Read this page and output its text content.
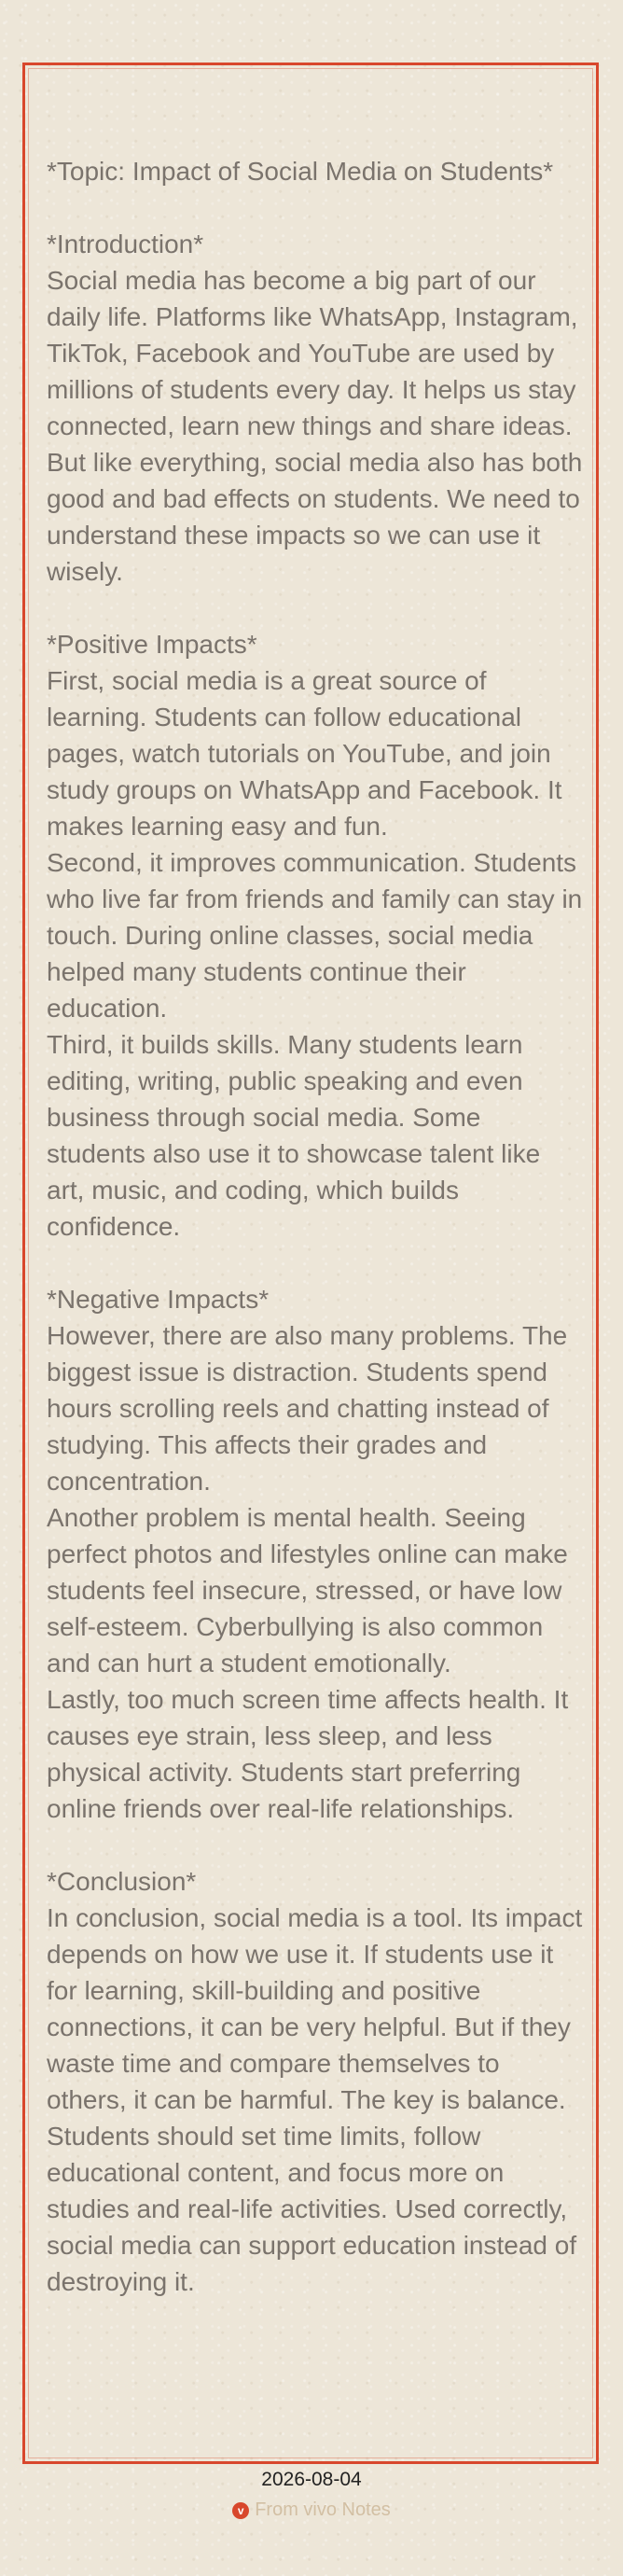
*Topic: Impact of Social Media on Students*

*Introduction*

Social media has become a big part of our daily life. Platforms like WhatsApp, Instagram, TikTok, Facebook and YouTube are used by millions of students every day. It helps us stay connected, learn new things and share ideas. But like everything, social media also has both good and bad effects on students. We need to understand these impacts so we can use it wisely.

*Positive Impacts*

First, social media is a great source of learning. Students can follow educational pages, watch tutorials on YouTube, and join study groups on WhatsApp and Facebook. It makes learning easy and fun.

Second, it improves communication. Students who live far from friends and family can stay in touch. During online classes, social media helped many students continue their education.

Third, it builds skills. Many students learn editing, writing, public speaking and even business through social media. Some students also use it to showcase talent like art, music, and coding, which builds confidence.

*Negative Impacts*

However, there are also many problems. The biggest issue is distraction. Students spend hours scrolling reels and chatting instead of studying. This affects their grades and concentration.

Another problem is mental health. Seeing perfect photos and lifestyles online can make students feel insecure, stressed, or have low self-esteem. Cyberbullying is also common and can hurt a student emotionally.

Lastly, too much screen time affects health. It causes eye strain, less sleep, and less physical activity. Students start preferring online friends over real-life relationships.

*Conclusion*

In conclusion, social media is a tool. Its impact depends on how we use it. If students use it for learning, skill-building and positive connections, it can be very helpful. But if they waste time and compare themselves to others, it can be harmful. The key is balance. Students should set time limits, follow educational content, and focus more on studies and real-life activities. Used correctly, social media can support education instead of destroying it.

2026-08-04
v From vivo Notes
